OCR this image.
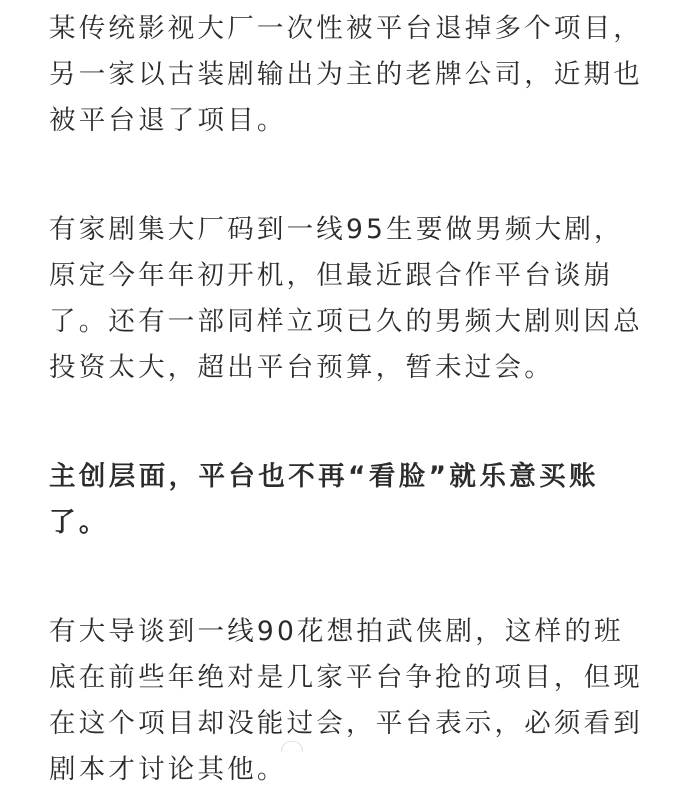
某传统影视大厂一次性被平台退掉多个项目，
另一家以古装剧输出为主的老牌公司，近期也
被平台退了项目。
有家剧集大厂码到一线95生要做男频大剧，
原定今年年初开机，但最近跟合作平台谈崩
了。还有一部同样立项已久的男频大剧则因总
投资太大，超出平台预算，暂未过会。
主创层面，平台也不再“看脸”就乐意买账
了。
有大导谈到一线90花想拍武侠剧，这样的班
底在前些年绝对是几家平台争抢的项目，但现
在这个项目却没能过会，平台表示，必须看到
剧本才讨论其他。
